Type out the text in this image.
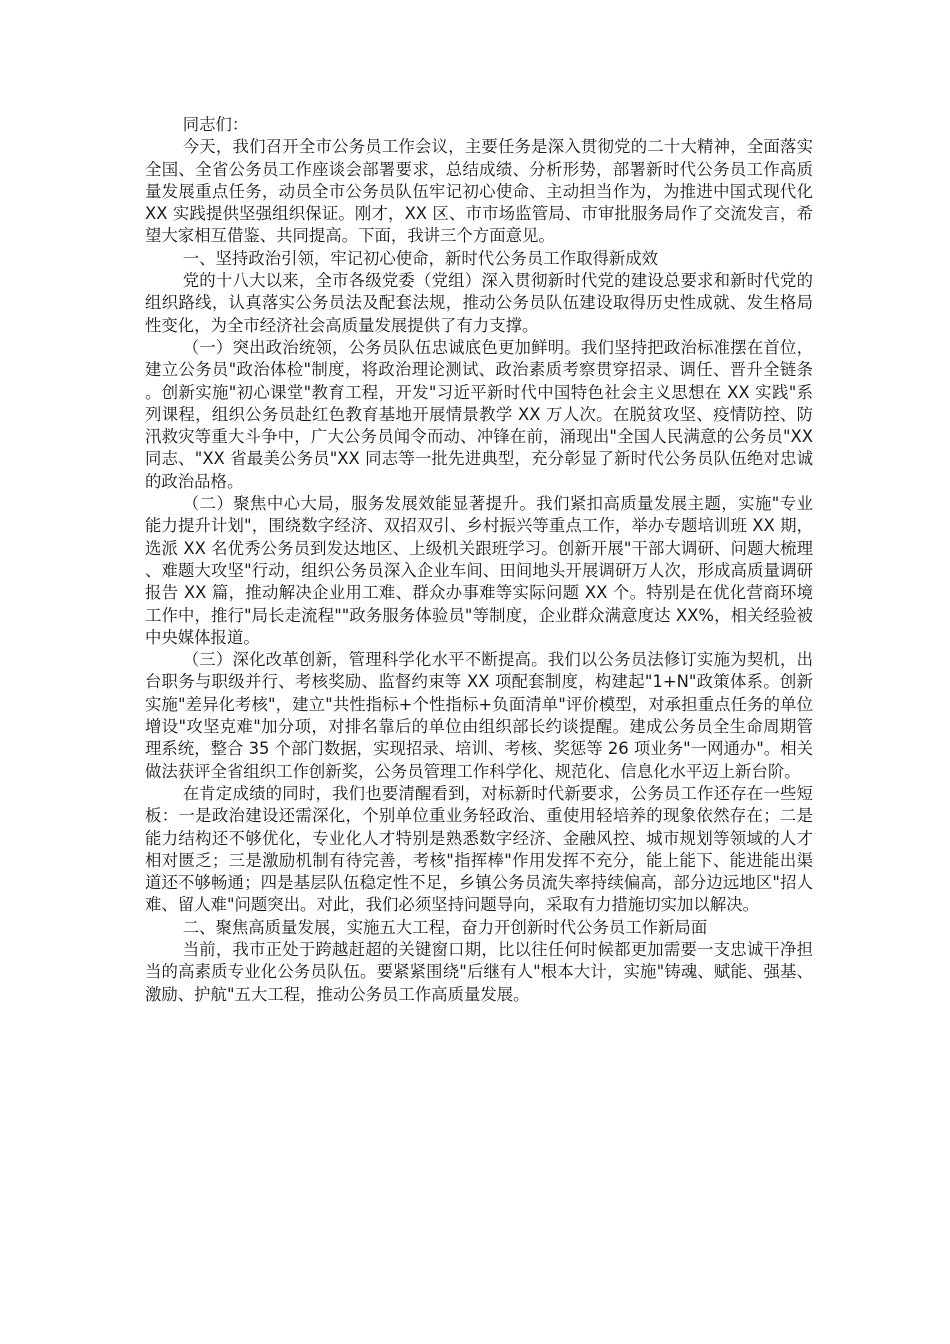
同志们：

今天，我们召开全市公务员工作会议，主要任务是深入贯彻党的二十大精神，全面落实全国、全省公务员工作座谈会部署要求，总结成绩、分析形势，部署新时代公务员工作高质量发展重点任务，动员全市公务员队伍牢记初心使命、主动担当作为，为推进中国式现代化 XX 实践提供坚强组织保证。刚才，XX 区、市市场监管局、市审批服务局作了交流发言，希望大家相互借鉴、共同提高。下面，我讲三个方面意见。

一、坚持政治引领，牢记初心使命，新时代公务员工作取得新成效

党的十八大以来，全市各级党委（党组）深入贯彻新时代党的建设总要求和新时代党的组织路线，认真落实公务员法及配套法规，推动公务员队伍建设取得历史性成就、发生格局性变化，为全市经济社会高质量发展提供了有力支撑。

（一）突出政治统领，公务员队伍忠诚底色更加鲜明。我们坚持把政治标准摆在首位，建立公务员"政治体检"制度，将政治理论测试、政治素质考察贯穿招录、调任、晋升全链条。创新实施"初心课堂"教育工程，开发"习近平新时代中国特色社会主义思想在 XX 实践"系列课程，组织公务员赴红色教育基地开展情景教学 XX 万人次。在脱贫攻坚、疫情防控、防汛救灾等重大斗争中，广大公务员闻令而动、冲锋在前，涌现出"全国人民满意的公务员"XX 同志、"XX 省最美公务员"XX 同志等一批先进典型，充分彰显了新时代公务员队伍绝对忠诚的政治品格。

（二）聚焦中心大局，服务发展效能显著提升。我们紧扣高质量发展主题，实施"专业能力提升计划"，围绕数字经济、双招双引、乡村振兴等重点工作，举办专题培训班 XX 期，选派 XX 名优秀公务员到发达地区、上级机关跟班学习。创新开展"干部大调研、问题大梳理、难题大攻坚"行动，组织公务员深入企业车间、田间地头开展调研万人次，形成高质量调研报告 XX 篇，推动解决企业用工难、群众办事难等实际问题 XX 个。特别是在优化营商环境工作中，推行"局长走流程""政务服务体验员"等制度，企业群众满意度达 XX%，相关经验被中央媒体报道。

（三）深化改革创新，管理科学化水平不断提高。我们以公务员法修订实施为契机，出台职务与职级并行、考核奖励、监督约束等 XX 项配套制度，构建起"1+N"政策体系。创新实施"差异化考核"，建立"共性指标+个性指标+负面清单"评价模型，对承担重点任务的单位增设"攻坚克难"加分项，对排名靠后的单位由组织部长约谈提醒。建成公务员全生命周期管理系统，整合 35 个部门数据，实现招录、培训、考核、奖惩等 26 项业务"一网通办"。相关做法获评全省组织工作创新奖，公务员管理工作科学化、规范化、信息化水平迈上新台阶。

在肯定成绩的同时，我们也要清醒看到，对标新时代新要求，公务员工作还存在一些短板：一是政治建设还需深化，个别单位重业务轻政治、重使用轻培养的现象依然存在；二是能力结构还不够优化，专业化人才特别是熟悉数字经济、金融风控、城市规划等领域的人才相对匮乏；三是激励机制有待完善，考核"指挥棒"作用发挥不充分，能上能下、能进能出渠道还不够畅通；四是基层队伍稳定性不足，乡镇公务员流失率持续偏高，部分边远地区"招人难、留人难"问题突出。对此，我们必须坚持问题导向，采取有力措施切实加以解决。

二、聚焦高质量发展，实施五大工程，奋力开创新时代公务员工作新局面

当前，我市正处于跨越赶超的关键窗口期，比以往任何时候都更加需要一支忠诚干净担当的高素质专业化公务员队伍。要紧紧围绕"后继有人"根本大计，实施"铸魂、赋能、强基、激励、护航"五大工程，推动公务员工作高质量发展。
